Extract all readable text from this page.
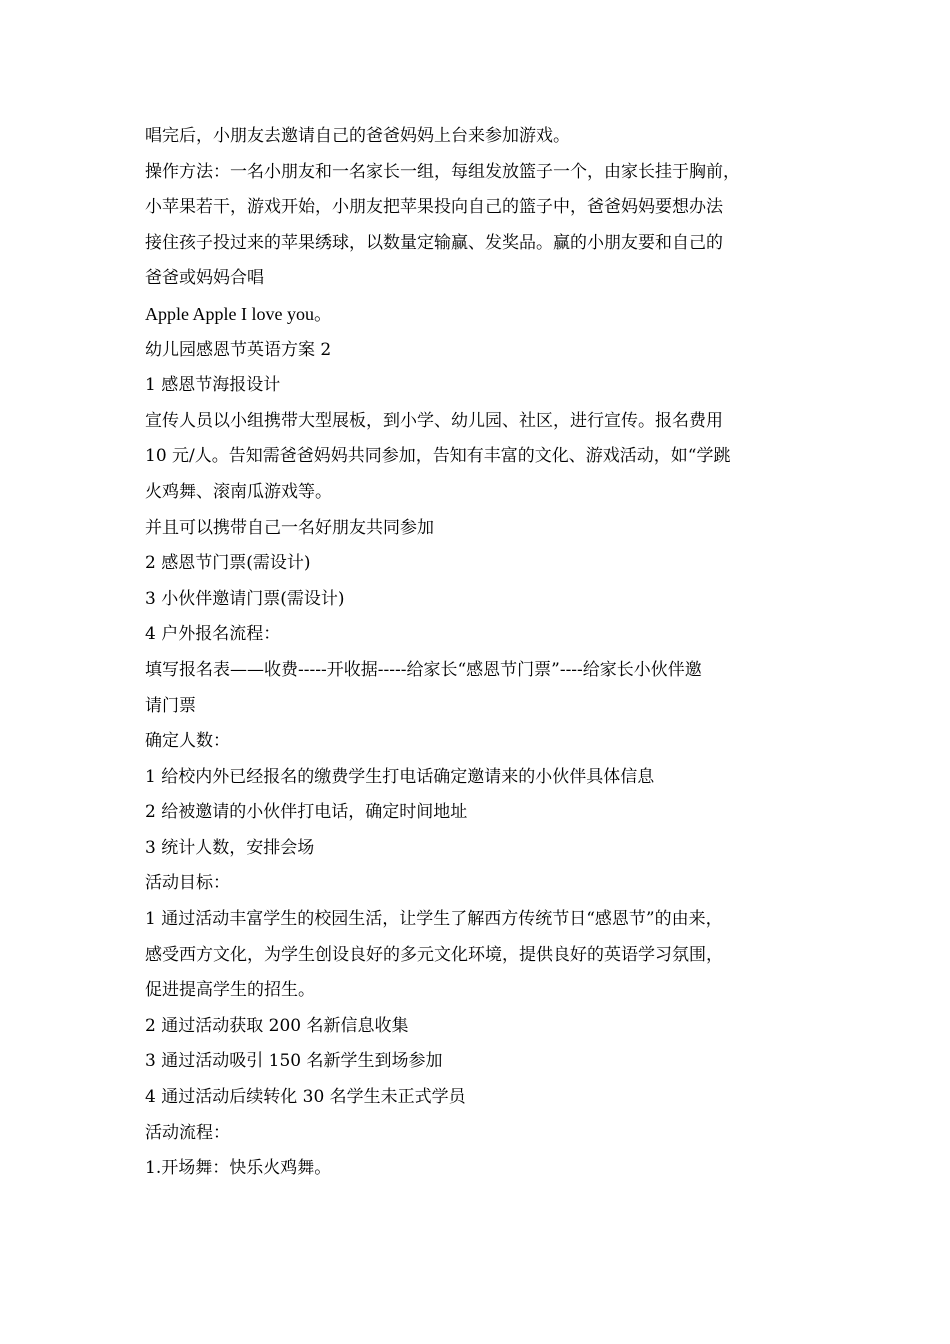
唱完后，小朋友去邀请自己的爸爸妈妈上台来参加游戏。
操作方法：一名小朋友和一名家长一组，每组发放篮子一个，由家长挂于胸前，
小苹果若干，游戏开始，小朋友把苹果投向自己的篮子中，爸爸妈妈要想办法
接住孩子投过来的苹果绣球，以数量定输赢、发奖品。赢的小朋友要和自己的
爸爸或妈妈合唱
Apple Apple I love you。
幼儿园感恩节英语方案 2
1 感恩节海报设计
宣传人员以小组携带大型展板，到小学、幼儿园、社区，进行宣传。报名费用
10 元/人。告知需爸爸妈妈共同参加，告知有丰富的文化、游戏活动，如“学跳
火鸡舞、滚南瓜游戏等。
并且可以携带自己一名好朋友共同参加
2 感恩节门票(需设计)
3 小伙伴邀请门票(需设计)
4 户外报名流程：
填写报名表——收费-----开收据-----给家长“感恩节门票”----给家长小伙伴邀
请门票
确定人数：
1 给校内外已经报名的缴费学生打电话确定邀请来的小伙伴具体信息
2 给被邀请的小伙伴打电话，确定时间地址
3 统计人数，安排会场
活动目标：
1 通过活动丰富学生的校园生活，让学生了解西方传统节日“感恩节”的由来，
感受西方文化，为学生创设良好的多元文化环境，提供良好的英语学习氛围，
促进提高学生的招生。
2 通过活动获取 200 名新信息收集
3 通过活动吸引 150 名新学生到场参加
4 通过活动后续转化 30 名学生未正式学员
活动流程：
1.开场舞：快乐火鸡舞。
